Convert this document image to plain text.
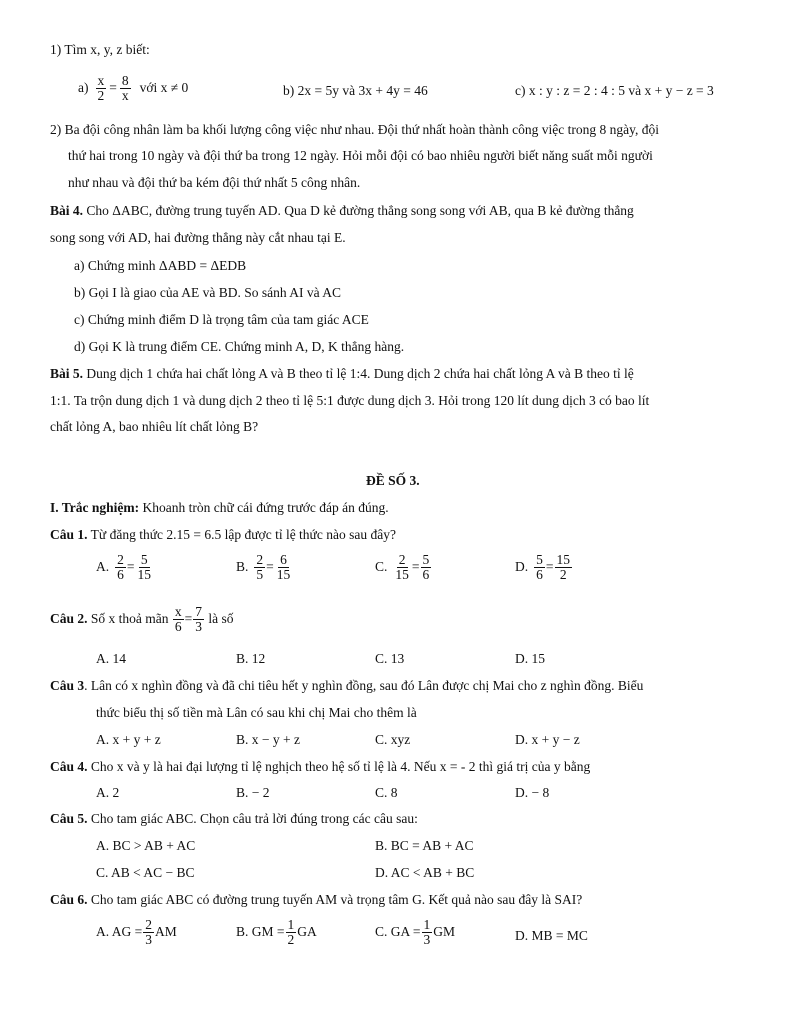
1) Tìm x, y, z biết:
$a) \frac{x}{2} = \frac{8}{x}$ với x ≠ 0	b) 2x = 5y và 3x + 4y = 46	c) x : y : z = 2 : 4 : 5 và x + y − z = 3
2) Ba đội công nhân làm ba khối lượng công việc như nhau. Đội thứ nhất hoàn thành công việc trong 8 ngày, đội
thứ hai trong 10 ngày và đội thứ ba trong 12 ngày. Hỏi mỗi đội có bao nhiêu người biết năng suất mỗi người
như nhau và đội thứ ba kém đội thứ nhất 5 công nhân.
Bài 4. Cho ΔABC, đường trung tuyến AD. Qua D kẻ đường thẳng song song với AB, qua B kẻ đường thẳng
song song với AD, hai đường thẳng này cắt nhau tại E.
a) Chứng minh ΔABD = ΔEDB
b) Gọi I là giao của AE và BD. So sánh AI và AC
c) Chứng minh điểm D là trọng tâm của tam giác ACE
d) Gọi K là trung điểm CE. Chứng minh A, D, K thẳng hàng.
Bài 5. Dung dịch 1 chứa hai chất lỏng A và B theo tỉ lệ 1:4. Dung dịch 2 chứa hai chất lỏng A và B theo tỉ lệ
1:1. Ta trộn dung dịch 1 và dung dịch 2 theo tỉ lệ 5:1 được dung dịch 3. Hỏi trong 120 lít dung dịch 3 có bao lít
chất lỏng A, bao nhiêu lít chất lỏng B?
ĐỀ SỐ 3.
I. Trắc nghiệm: Khoanh tròn chữ cái đứng trước đáp án đúng.
Câu 1. Từ đăng thức 2.15 = 6.5 lập được tỉ lệ thức nào sau đây?
A. $\frac{2}{6} = \frac{5}{15}$	B. $\frac{2}{5} = \frac{6}{15}$	C. $\frac{2}{15} = \frac{5}{6}$	D. $\frac{5}{6} = \frac{15}{2}$
Câu 2. Số x thoả mãn $\frac{x}{6} = \frac{7}{3}$ là số
A. 14	B. 12	C. 13	D. 15
Câu 3. Lân có x nghìn đồng và đã chi tiêu hết y nghìn đồng, sau đó Lân được chị Mai cho z nghìn đồng. Biểu
thức biểu thị số tiền mà Lân có sau khi chị Mai cho thêm là
A. x + y + z	B. x − y + z	C. xyz	D. x + y − z
Câu 4. Cho x và y là hai đại lượng tỉ lệ nghịch theo hệ số tỉ lệ là 4. Nếu x = - 2 thì giá trị của y bằng
A. 2	B. − 2	C. 8	D. − 8
Câu 5. Cho tam giác ABC. Chọn câu trả lời đúng trong các câu sau:
A. BC > AB + AC	B. BC = AB + AC
C. AB < AC − BC	D. AC < AB + BC
Câu 6. Cho tam giác ABC có đường trung tuyến AM và trọng tâm G. Kết quả nào sau đây là SAI?
A. AG = $\frac{2}{3}$ AM	B. GM = $\frac{1}{2}$ GA	C. GA = $\frac{1}{3}$ GM	D. MB = MC
